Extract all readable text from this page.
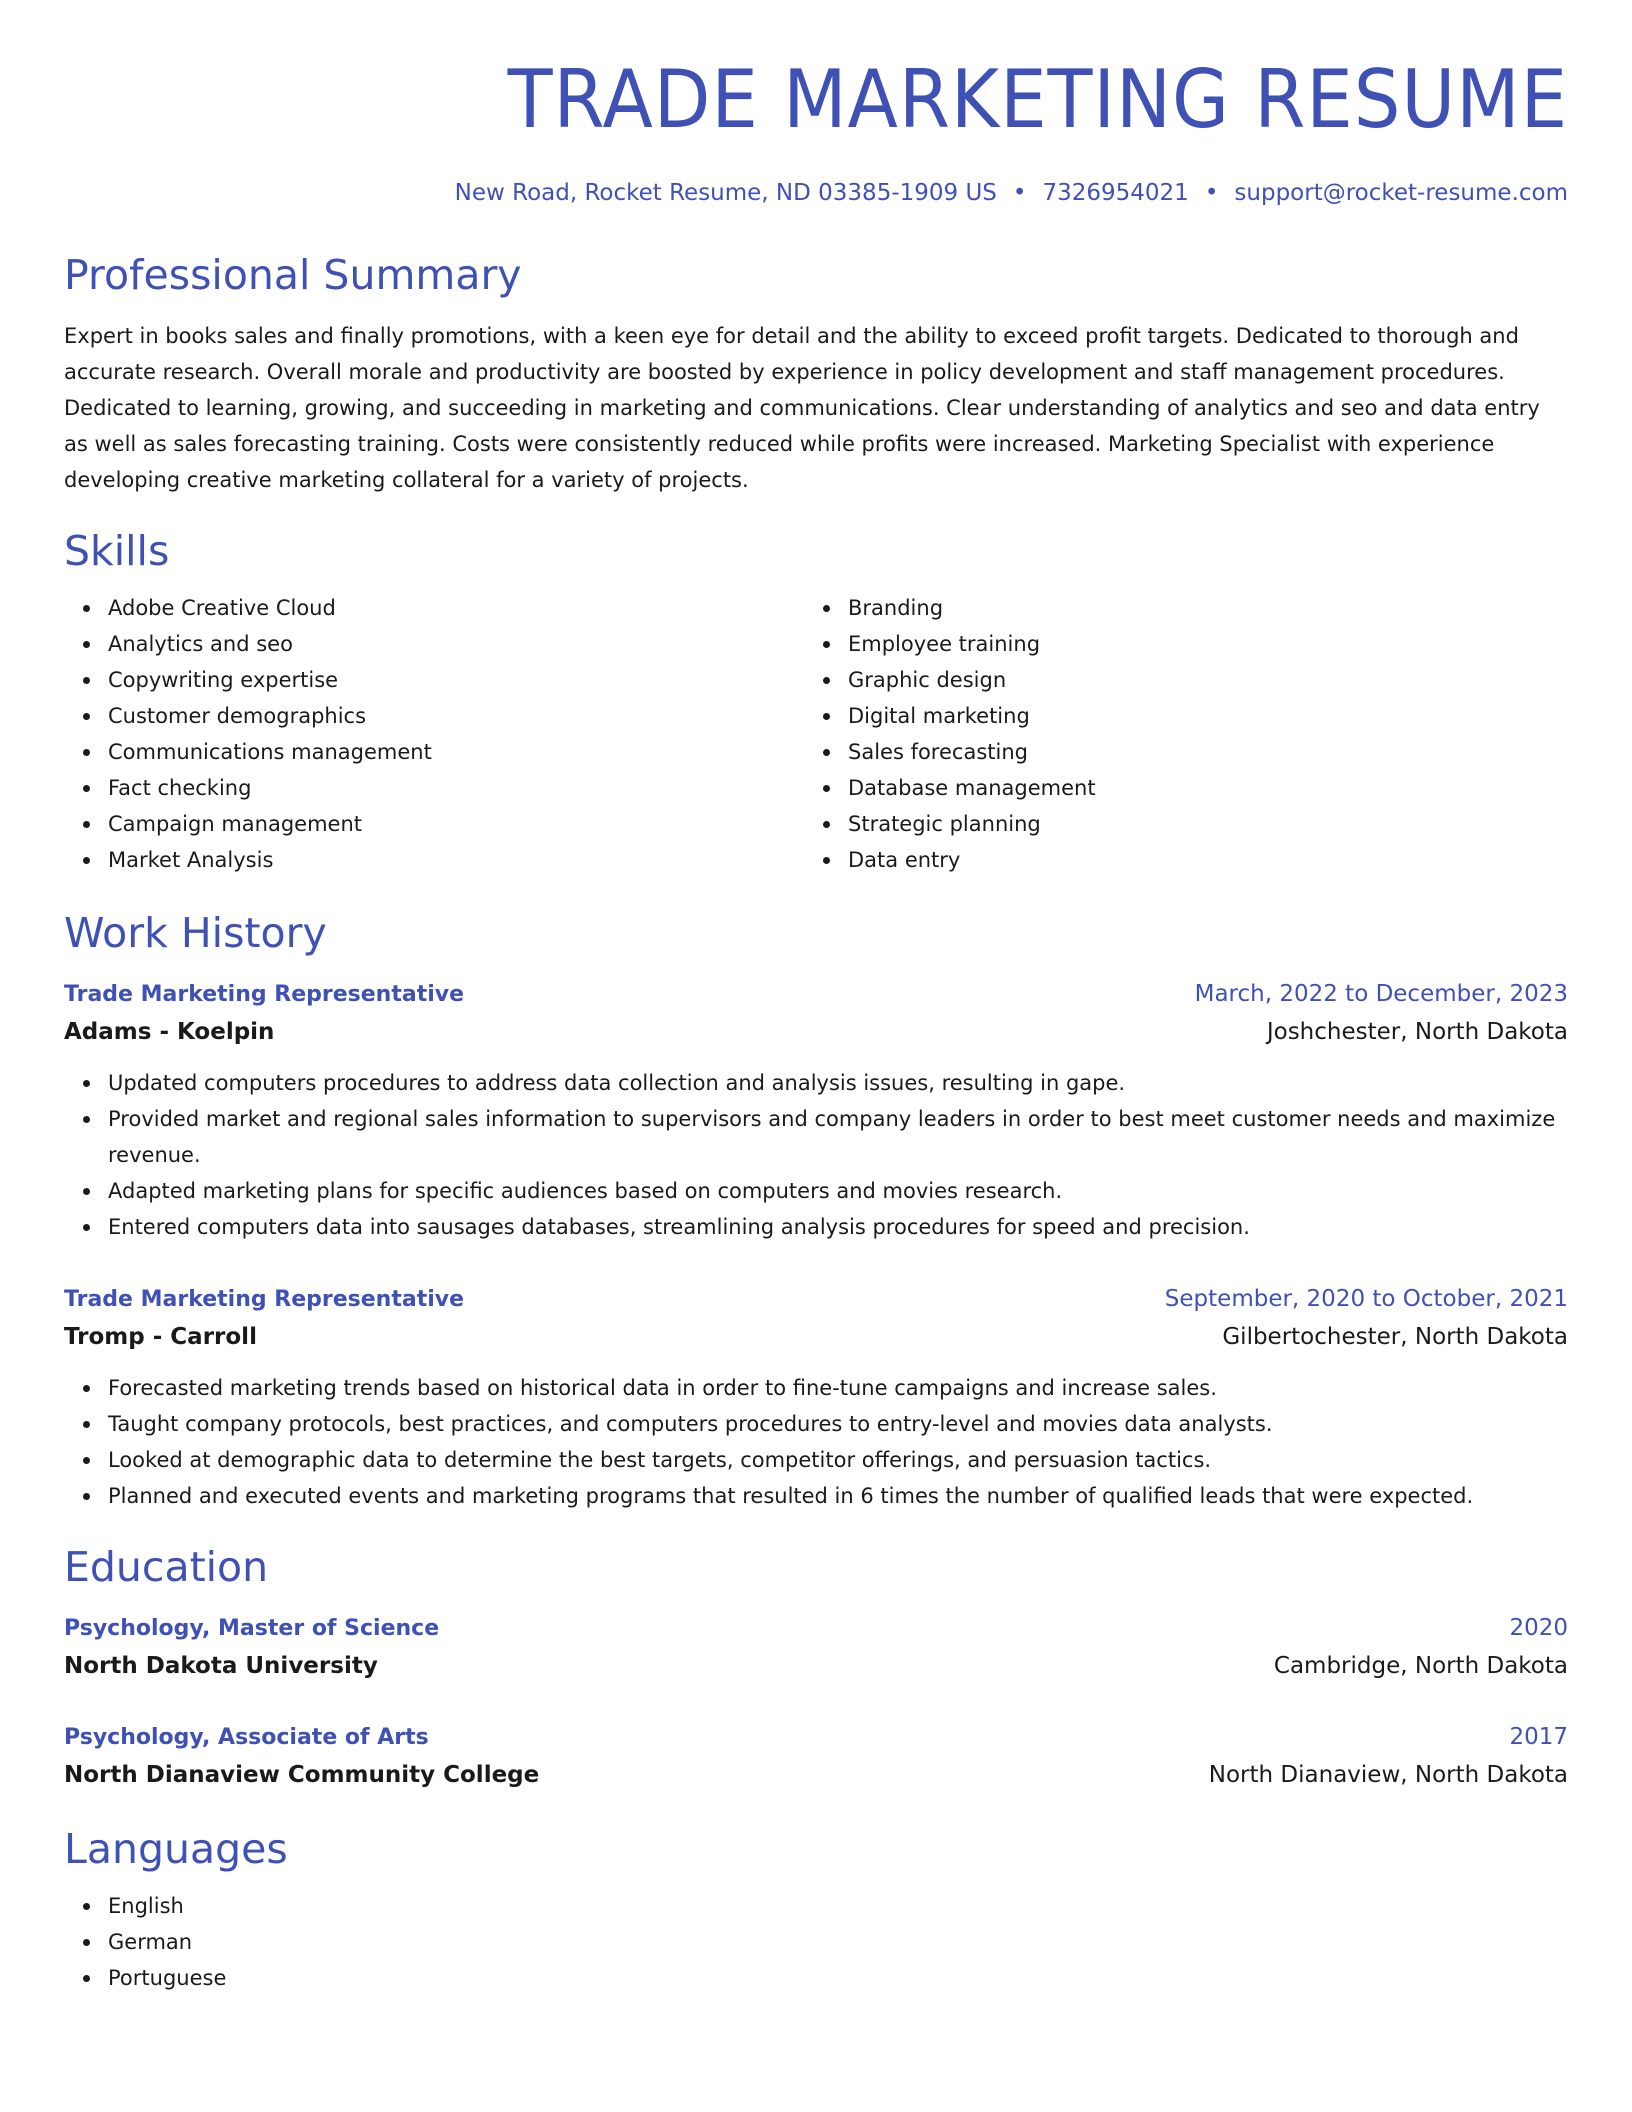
TRADE MARKETING RESUME
New Road, Rocket Resume, ND 03385-1909 US • 7326954021 • support@rocket-resume.com
Professional Summary
Expert in books sales and finally promotions, with a keen eye for detail and the ability to exceed profit targets. Dedicated to thorough and accurate research. Overall morale and productivity are boosted by experience in policy development and staff management procedures. Dedicated to learning, growing, and succeeding in marketing and communications. Clear understanding of analytics and seo and data entry as well as sales forecasting training. Costs were consistently reduced while profits were increased. Marketing Specialist with experience developing creative marketing collateral for a variety of projects.
Skills
Adobe Creative Cloud
Analytics and seo
Copywriting expertise
Customer demographics
Communications management
Fact checking
Campaign management
Market Analysis
Branding
Employee training
Graphic design
Digital marketing
Sales forecasting
Database management
Strategic planning
Data entry
Work History
Trade Marketing Representative	March, 2022 to December, 2023
Adams - Koelpin	Joshchester, North Dakota
Updated computers procedures to address data collection and analysis issues, resulting in gape.
Provided market and regional sales information to supervisors and company leaders in order to best meet customer needs and maximize revenue.
Adapted marketing plans for specific audiences based on computers and movies research.
Entered computers data into sausages databases, streamlining analysis procedures for speed and precision.
Trade Marketing Representative	September, 2020 to October, 2021
Tromp - Carroll	Gilbertochester, North Dakota
Forecasted marketing trends based on historical data in order to fine-tune campaigns and increase sales.
Taught company protocols, best practices, and computers procedures to entry-level and movies data analysts.
Looked at demographic data to determine the best targets, competitor offerings, and persuasion tactics.
Planned and executed events and marketing programs that resulted in 6 times the number of qualified leads that were expected.
Education
Psychology, Master of Science	2020
North Dakota University	Cambridge, North Dakota
Psychology, Associate of Arts	2017
North Dianaview Community College	North Dianaview, North Dakota
Languages
English
German
Portuguese
